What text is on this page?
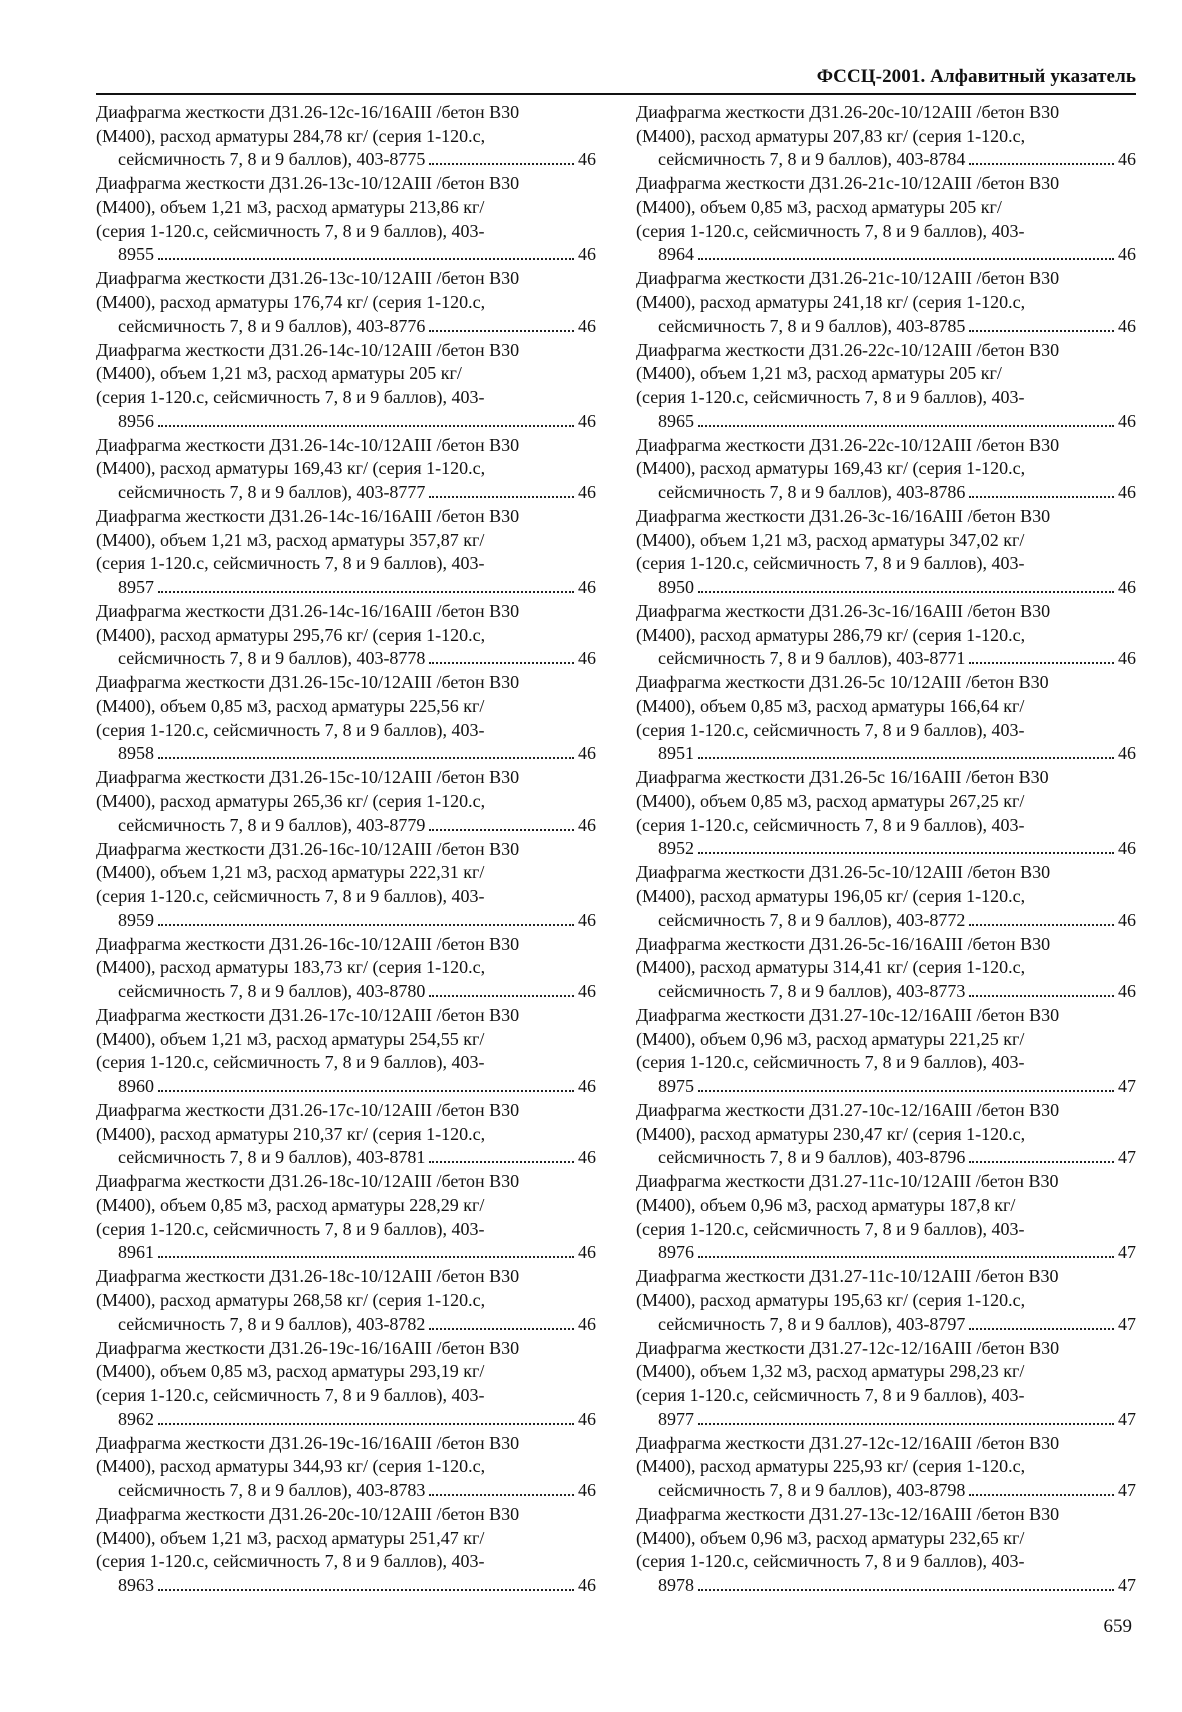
ФССЦ-2001. Алфавитный указатель
Диафрагма жесткости Д31.26-12с-16/16АIII /бетон В30
(М400), расход арматуры 284,78 кг/ (серия 1-120.с,
сейсмичность 7, 8 и 9 баллов), 403-8775	46
Диафрагма жесткости Д31.26-13с-10/12АIII /бетон В30
(М400), объем 1,21 м3, расход арматуры 213,86 кг/
(серия 1-120.с, сейсмичность 7, 8 и 9 баллов), 403-
8955	46
Диафрагма жесткости Д31.26-13с-10/12АIII /бетон В30
(М400), расход арматуры 176,74 кг/ (серия 1-120.с,
сейсмичность 7, 8 и 9 баллов), 403-8776	46
Диафрагма жесткости Д31.26-14с-10/12АIII /бетон В30
(М400), объем 1,21 м3, расход арматуры 205 кг/
(серия 1-120.с, сейсмичность 7, 8 и 9 баллов), 403-
8956	46
Диафрагма жесткости Д31.26-14с-10/12АIII /бетон В30
(М400), расход арматуры 169,43 кг/ (серия 1-120.с,
сейсмичность 7, 8 и 9 баллов), 403-8777	46
Диафрагма жесткости Д31.26-14с-16/16АIII /бетон В30
(М400), объем 1,21 м3, расход арматуры 357,87 кг/
(серия 1-120.с, сейсмичность 7, 8 и 9 баллов), 403-
8957	46
Диафрагма жесткости Д31.26-14с-16/16АIII /бетон В30
(М400), расход арматуры 295,76 кг/ (серия 1-120.с,
сейсмичность 7, 8 и 9 баллов), 403-8778	46
Диафрагма жесткости Д31.26-15с-10/12АIII /бетон В30
(М400), объем 0,85 м3, расход арматуры 225,56 кг/
(серия 1-120.с, сейсмичность 7, 8 и 9 баллов), 403-
8958	46
Диафрагма жесткости Д31.26-15с-10/12АIII /бетон В30
(М400), расход арматуры 265,36 кг/ (серия 1-120.с,
сейсмичность 7, 8 и 9 баллов), 403-8779	46
Диафрагма жесткости Д31.26-16с-10/12АIII /бетон В30
(М400), объем 1,21 м3, расход арматуры 222,31 кг/
(серия 1-120.с, сейсмичность 7, 8 и 9 баллов), 403-
8959	46
Диафрагма жесткости Д31.26-16с-10/12АIII /бетон В30
(М400), расход арматуры 183,73 кг/ (серия 1-120.с,
сейсмичность 7, 8 и 9 баллов), 403-8780	46
Диафрагма жесткости Д31.26-17с-10/12АIII /бетон В30
(М400), объем 1,21 м3, расход арматуры 254,55 кг/
(серия 1-120.с, сейсмичность 7, 8 и 9 баллов), 403-
8960	46
Диафрагма жесткости Д31.26-17с-10/12АIII /бетон В30
(М400), расход арматуры 210,37 кг/ (серия 1-120.с,
сейсмичность 7, 8 и 9 баллов), 403-8781	46
Диафрагма жесткости Д31.26-18с-10/12АIII /бетон В30
(М400), объем 0,85 м3, расход арматуры 228,29 кг/
(серия 1-120.с, сейсмичность 7, 8 и 9 баллов), 403-
8961	46
Диафрагма жесткости Д31.26-18с-10/12АIII /бетон В30
(М400), расход арматуры 268,58 кг/ (серия 1-120.с,
сейсмичность 7, 8 и 9 баллов), 403-8782	46
Диафрагма жесткости Д31.26-19с-16/16АIII /бетон В30
(М400), объем 0,85 м3, расход арматуры 293,19 кг/
(серия 1-120.с, сейсмичность 7, 8 и 9 баллов), 403-
8962	46
Диафрагма жесткости Д31.26-19с-16/16АIII /бетон В30
(М400), расход арматуры 344,93 кг/ (серия 1-120.с,
сейсмичность 7, 8 и 9 баллов), 403-8783	46
Диафрагма жесткости Д31.26-20с-10/12АIII /бетон В30
(М400), объем 1,21 м3, расход арматуры 251,47 кг/
(серия 1-120.с, сейсмичность 7, 8 и 9 баллов), 403-
8963	46
Диафрагма жесткости Д31.26-20с-10/12АIII /бетон В30
(М400), расход арматуры 207,83 кг/ (серия 1-120.с,
сейсмичность 7, 8 и 9 баллов), 403-8784	46
Диафрагма жесткости Д31.26-21с-10/12АIII /бетон В30
(М400), объем 0,85 м3, расход арматуры 205 кг/
(серия 1-120.с, сейсмичность 7, 8 и 9 баллов), 403-
8964	46
Диафрагма жесткости Д31.26-21с-10/12АIII /бетон В30
(М400), расход арматуры 241,18 кг/ (серия 1-120.с,
сейсмичность 7, 8 и 9 баллов), 403-8785	46
Диафрагма жесткости Д31.26-22с-10/12АIII /бетон В30
(М400), объем 1,21 м3, расход арматуры 205 кг/
(серия 1-120.с, сейсмичность 7, 8 и 9 баллов), 403-
8965	46
Диафрагма жесткости Д31.26-22с-10/12АIII /бетон В30
(М400), расход арматуры 169,43 кг/ (серия 1-120.с,
сейсмичность 7, 8 и 9 баллов), 403-8786	46
Диафрагма жесткости Д31.26-3с-16/16АIII /бетон В30
(М400), объем 1,21 м3, расход арматуры 347,02 кг/
(серия 1-120.с, сейсмичность 7, 8 и 9 баллов), 403-
8950	46
Диафрагма жесткости Д31.26-3с-16/16АIII /бетон В30
(М400), расход арматуры 286,79 кг/ (серия 1-120.с,
сейсмичность 7, 8 и 9 баллов), 403-8771	46
Диафрагма жесткости Д31.26-5с 10/12АIII /бетон В30
(М400), объем 0,85 м3, расход арматуры 166,64 кг/
(серия 1-120.с, сейсмичность 7, 8 и 9 баллов), 403-
8951	46
Диафрагма жесткости Д31.26-5с 16/16АIII /бетон В30
(М400), объем 0,85 м3, расход арматуры 267,25 кг/
(серия 1-120.с, сейсмичность 7, 8 и 9 баллов), 403-
8952	46
Диафрагма жесткости Д31.26-5с-10/12АIII /бетон В30
(М400), расход арматуры 196,05 кг/ (серия 1-120.с,
сейсмичность 7, 8 и 9 баллов), 403-8772	46
Диафрагма жесткости Д31.26-5с-16/16АIII /бетон В30
(М400), расход арматуры 314,41 кг/ (серия 1-120.с,
сейсмичность 7, 8 и 9 баллов), 403-8773	46
Диафрагма жесткости Д31.27-10с-12/16АIII /бетон В30
(М400), объем 0,96 м3, расход арматуры 221,25 кг/
(серия 1-120.с, сейсмичность 7, 8 и 9 баллов), 403-
8975	47
Диафрагма жесткости Д31.27-10с-12/16АIII /бетон В30
(М400), расход арматуры 230,47 кг/ (серия 1-120.с,
сейсмичность 7, 8 и 9 баллов), 403-8796	47
Диафрагма жесткости Д31.27-11с-10/12АIII /бетон В30
(М400), объем 0,96 м3, расход арматуры 187,8 кг/
(серия 1-120.с, сейсмичность 7, 8 и 9 баллов), 403-
8976	47
Диафрагма жесткости Д31.27-11с-10/12АIII /бетон В30
(М400), расход арматуры 195,63 кг/ (серия 1-120.с,
сейсмичность 7, 8 и 9 баллов), 403-8797	47
Диафрагма жесткости Д31.27-12с-12/16АIII /бетон В30
(М400), объем 1,32 м3, расход арматуры 298,23 кг/
(серия 1-120.с, сейсмичность 7, 8 и 9 баллов), 403-
8977	47
Диафрагма жесткости Д31.27-12с-12/16АIII /бетон В30
(М400), расход арматуры 225,93 кг/ (серия 1-120.с,
сейсмичность 7, 8 и 9 баллов), 403-8798	47
Диафрагма жесткости Д31.27-13с-12/16АIII /бетон В30
(М400), объем 0,96 м3, расход арматуры 232,65 кг/
(серия 1-120.с, сейсмичность 7, 8 и 9 баллов), 403-
8978	47
659
